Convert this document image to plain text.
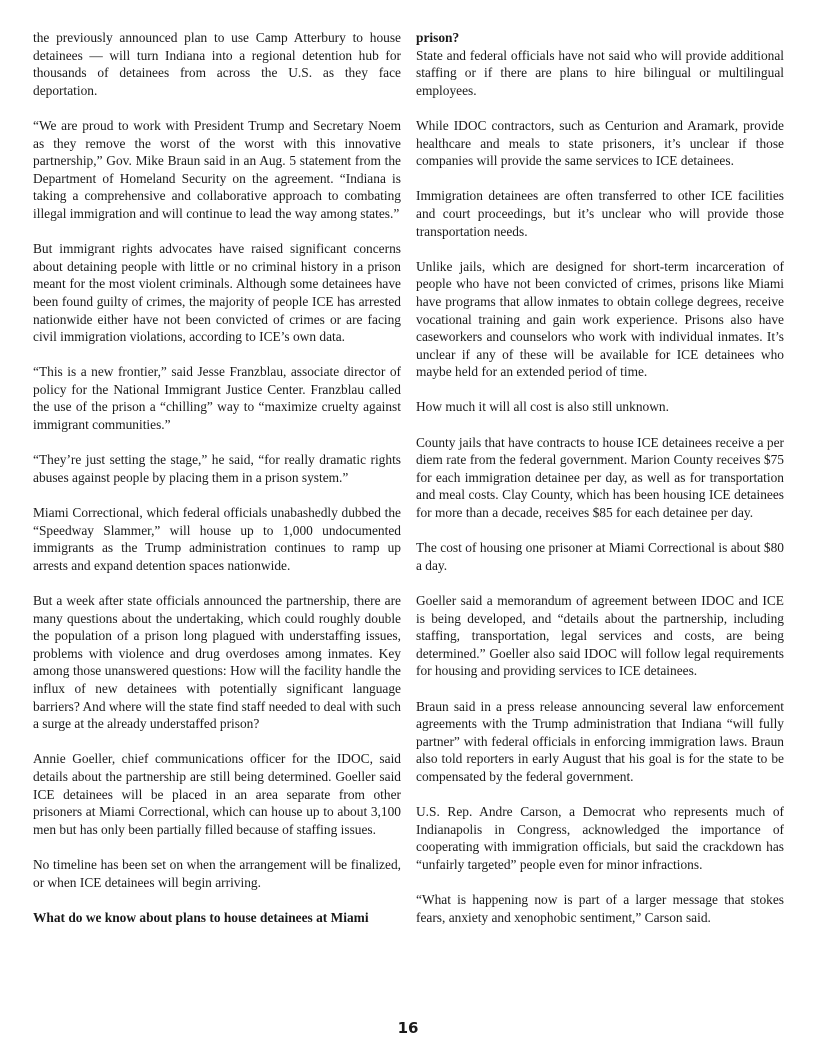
the previously announced plan to use Camp Atterbury to house detainees — will turn Indiana into a regional detention hub for thousands of detainees from across the U.S. as they face deportation.

“We are proud to work with President Trump and Secretary Noem as they remove the worst of the worst with this innovative partnership,” Gov. Mike Braun said in an Aug. 5 statement from the Department of Homeland Security on the agreement. “Indiana is taking a comprehensive and collaborative approach to combating illegal immigration and will continue to lead the way among states.”

But immigrant rights advocates have raised significant concerns about detaining people with little or no criminal history in a prison meant for the most violent criminals. Although some detainees have been found guilty of crimes, the majority of people ICE has arrested nationwide either have not been convicted of crimes or are facing civil immigration violations, according to ICE’s own data.

“This is a new frontier,” said Jesse Franzblau, associate director of policy for the National Immigrant Justice Center. Franzblau called the use of the prison a “chilling” way to “maximize cruelty against immigrant communities.”

“They’re just setting the stage,” he said, “for really dramatic rights abuses against people by placing them in a prison system.”

Miami Correctional, which federal officials unabashedly dubbed the “Speedway Slammer,” will house up to 1,000 undocumented immigrants as the Trump administration continues to ramp up arrests and expand detention spaces nationwide.

But a week after state officials announced the partnership, there are many questions about the undertaking, which could roughly double the population of a prison long plagued with understaffing issues, problems with violence and drug overdoses among inmates. Key among those unanswered questions: How will the facility handle the influx of new detainees with potentially significant language barriers? And where will the state find staff needed to deal with such a surge at the already understaffed prison?

Annie Goeller, chief communications officer for the IDOC, said details about the partnership are still being determined. Goeller said ICE detainees will be placed in an area separate from other prisoners at Miami Correctional, which can house up to about 3,100 men but has only been partially filled because of staffing issues.

No timeline has been set on when the arrangement will be finalized, or when ICE detainees will begin arriving.

What do we know about plans to house detainees at Miami

prison?

State and federal officials have not said who will provide additional staffing or if there are plans to hire bilingual or multilingual employees.

While IDOC contractors, such as Centurion and Aramark, provide healthcare and meals to state prisoners, it’s unclear if those companies will provide the same services to ICE detainees.

Immigration detainees are often transferred to other ICE facilities and court proceedings, but it’s unclear who will provide those transportation needs.

Unlike jails, which are designed for short-term incarceration of people who have not been convicted of crimes, prisons like Miami have programs that allow inmates to obtain college degrees, receive vocational training and gain work experience. Prisons also have caseworkers and counselors who work with individual inmates. It’s unclear if any of these will be available for ICE detainees who maybe held for an extended period of time.

How much it will all cost is also still unknown.

County jails that have contracts to house ICE detainees receive a per diem rate from the federal government. Marion County receives $75 for each immigration detainee per day, as well as for transportation and meal costs. Clay County, which has been housing ICE detainees for more than a decade, receives $85 for each detainee per day.

The cost of housing one prisoner at Miami Correctional is about $80 a day.

Goeller said a memorandum of agreement between IDOC and ICE is being developed, and “details about the partnership, including staffing, transportation, legal services and costs, are being determined.” Goeller also said IDOC will follow legal requirements for housing and providing services to ICE detainees.

Braun said in a press release announcing several law enforcement agreements with the Trump administration that Indiana “will fully partner” with federal officials in enforcing immigration laws. Braun also told reporters in early August that his goal is for the state to be compensated by the federal government.

U.S. Rep. Andre Carson, a Democrat who represents much of Indianapolis in Congress, acknowledged the importance of cooperating with immigration officials, but said the crackdown has “unfairly targeted” people even for minor infractions.

“What is happening now is part of a larger message that stokes fears, anxiety and xenophobic sentiment,” Carson said.

16
